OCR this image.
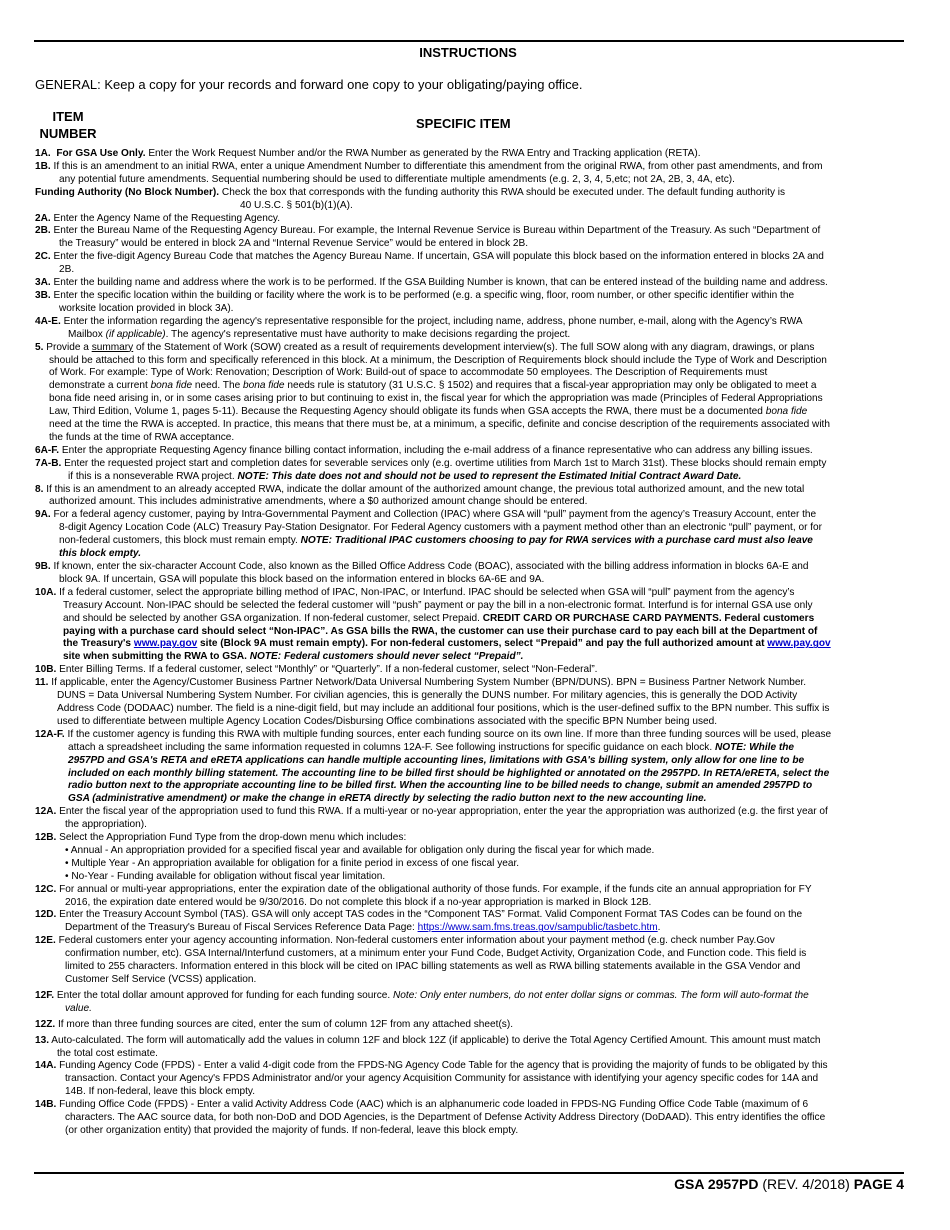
INSTRUCTIONS
GENERAL: Keep a copy for your records and forward one copy to your obligating/paying office.
ITEM
NUMBER
SPECIFIC ITEM
1A. For GSA Use Only. Enter the Work Request Number and/or the RWA Number as generated by the RWA Entry and Tracking application (RETA).
1B. If this is an amendment to an initial RWA, enter a unique Amendment Number to differentiate this amendment from the original RWA, from other past amendments, and from
any potential future amendments. Sequential numbering should be used to differentiate multiple amendments (e.g. 2, 3, 4, 5,etc; not 2A, 2B, 3, 4A, etc).
Funding Authority (No Block Number). Check the box that corresponds with the funding authority this RWA should be executed under. The default funding authority is
40 U.S.C. § 501(b)(1)(A).
2A. Enter the Agency Name of the Requesting Agency.
2B. Enter the Bureau Name of the Requesting Agency Bureau. For example, the Internal Revenue Service is Bureau within Department of the Treasury. As such “Department of
the Treasury” would be entered in block 2A and “Internal Revenue Service” would be entered in block 2B.
2C. Enter the five-digit Agency Bureau Code that matches the Agency Bureau Name. If uncertain, GSA will populate this block based on the information entered in blocks 2A and
2B.
3A. Enter the building name and address where the work is to be performed. If the GSA Building Number is known, that can be entered instead of the building name and address.
3B. Enter the specific location within the building or facility where the work is to be performed (e.g. a specific wing, floor, room number, or other specific identifier within the
worksite location provided in block 3A).
4A-E. Enter the information regarding the agency's representative responsible for the project, including name, address, phone number, e-mail, along with the Agency’s RWA
Mailbox (if applicable). The agency's representative must have authority to make decisions regarding the project.
5. Provide a summary of the Statement of Work (SOW) created as a result of requirements development interview(s). The full SOW along with any diagram, drawings, or plans
should be attached to this form and specifically referenced in this block. At a minimum, the Description of Requirements block should include the Type of Work and Description
of Work. For example: Type of Work: Renovation; Description of Work: Build-out of space to accommodate 50 employees. The Description of Requirements must
demonstrate a current bona fide need. The bona fide needs rule is statutory (31 U.S.C. § 1502) and requires that a fiscal-year appropriation may only be obligated to meet a
bona fide need arising in, or in some cases arising prior to but continuing to exist in, the fiscal year for which the appropriation was made (Principles of Federal Appropriations
Law, Third Edition, Volume 1, pages 5-11). Because the Requesting Agency should obligate its funds when GSA accepts the RWA, there must be a documented bona fide
need at the time the RWA is accepted. In practice, this means that there must be, at a minimum, a specific, definite and concise description of the requirements associated with
the funds at the time of RWA acceptance.
6A-F. Enter the appropriate Requesting Agency finance billing contact information, including the e-mail address of a finance representative who can address any billing issues.
7A-B. Enter the requested project start and completion dates for severable services only (e.g. overtime utilities from March 1st to March 31st). These blocks should remain empty
if this is a nonseverable RWA project. NOTE: This date does not and should not be used to represent the Estimated Initial Contract Award Date.
8. If this is an amendment to an already accepted RWA, indicate the dollar amount of the authorized amount change, the previous total authorized amount, and the new total
authorized amount. This includes administrative amendments, where a $0 authorized amount change should be entered.
9A. For a federal agency customer, paying by Intra-Governmental Payment and Collection (IPAC) where GSA will “pull” payment from the agency’s Treasury Account, enter the
8-digit Agency Location Code (ALC) Treasury Pay-Station Designator. For Federal Agency customers with a payment method other than an electronic “pull” payment, or for
non-federal customers, this block must remain empty. NOTE: Traditional IPAC customers choosing to pay for RWA services with a purchase card must also leave
this block empty.
9B. If known, enter the six-character Account Code, also known as the Billed Office Address Code (BOAC), associated with the billing address information in blocks 6A-E and
block 9A. If uncertain, GSA will populate this block based on the information entered in blocks 6A-6E and 9A.
10A. If a federal customer, select the appropriate billing method of IPAC, Non-IPAC, or Interfund. IPAC should be selected when GSA will “pull” payment from the agency’s
Treasury Account. Non-IPAC should be selected the federal customer will “push” payment or pay the bill in a non-electronic format. Interfund is for internal GSA use only
and should be selected by another GSA organization. If non-federal customer, select Prepaid. CREDIT CARD OR PURCHASE CARD PAYMENTS. Federal customers
paying with a purchase card should select “Non-IPAC”. As GSA bills the RWA, the customer can use their purchase card to pay each bill at the Department of
the Treasury's www.pay.gov site (Block 9A must remain empty). For non-federal customers, select “Prepaid” and pay the full authorized amount at www.pay.gov
site when submitting the RWA to GSA. NOTE: Federal customers should never select “Prepaid”.
10B. Enter Billing Terms. If a federal customer, select “Monthly” or “Quarterly”. If a non-federal customer, select “Non-Federal”.
11. If applicable, enter the Agency/Customer Business Partner Network/Data Universal Numbering System Number (BPN/DUNS). BPN = Business Partner Network Number.
DUNS = Data Universal Numbering System Number. For civilian agencies, this is generally the DUNS number. For military agencies, this is generally the DOD Activity
Address Code (DODAAC) number. The field is a nine-digit field, but may include an additional four positions, which is the user-defined suffix to the BPN number. This suffix is
used to differentiate between multiple Agency Location Codes/Disbursing Office combinations associated with the specific BPN Number being used.
12A-F. If the customer agency is funding this RWA with multiple funding sources, enter each funding source on its own line. If more than three funding sources will be used, please
attach a spreadsheet including the same information requested in columns 12A-F. See following instructions for specific guidance on each block. NOTE: While the
2957PD and GSA's RETA and eRETA applications can handle multiple accounting lines, limitations with GSA's billing system, only allow for one line to be
included on each monthly billing statement. The accounting line to be billed first should be highlighted or annotated on the 2957PD. In RETA/eRETA, select the
radio button next to the appropriate accounting line to be billed first. When the accounting line to be billed needs to change, submit an amended 2957PD to
GSA (administrative amendment) or make the change in eRETA directly by selecting the radio button next to the new accounting line.
12A. Enter the fiscal year of the appropriation used to fund this RWA. If a multi-year or no-year appropriation, enter the year the appropriation was authorized (e.g. the first year of
the appropriation).
12B. Select the Appropriation Fund Type from the drop-down menu which includes:
• Annual - An appropriation provided for a specified fiscal year and available for obligation only during the fiscal year for which made.
• Multiple Year - An appropriation available for obligation for a finite period in excess of one fiscal year.
• No-Year - Funding available for obligation without fiscal year limitation.
12C. For annual or multi-year appropriations, enter the expiration date of the obligational authority of those funds. For example, if the funds cite an annual appropriation for FY
2016, the expiration date entered would be 9/30/2016. Do not complete this block if a no-year appropriation is marked in Block 12B.
12D. Enter the Treasury Account Symbol (TAS). GSA will only accept TAS codes in the “Component TAS” Format. Valid Component Format TAS Codes can be found on the
Department of the Treasury's Bureau of Fiscal Services Reference Data Page: https://www.sam.fms.treas.gov/sampublic/tasbetc.htm.
12E. Federal customers enter your agency accounting information. Non-federal customers enter information about your payment method (e.g. check number Pay.Gov
confirmation number, etc). GSA Internal/Interfund customers, at a minimum enter your Fund Code, Budget Activity, Organization Code, and Function code. This field is
limited to 255 characters. Information entered in this block will be cited on IPAC billing statements as well as RWA billing statements available in the GSA Vendor and
Customer Self Service (VCSS) application.
12F. Enter the total dollar amount approved for funding for each funding source. Note: Only enter numbers, do not enter dollar signs or commas. The form will auto-format the
value.
12Z. If more than three funding sources are cited, enter the sum of column 12F from any attached sheet(s).
13. Auto-calculated. The form will automatically add the values in column 12F and block 12Z (if applicable) to derive the Total Agency Certified Amount. This amount must match
the total cost estimate.
14A. Funding Agency Code (FPDS) - Enter a valid 4-digit code from the FPDS-NG Agency Code Table for the agency that is providing the majority of funds to be obligated by this
transaction. Contact your Agency's FPDS Administrator and/or your agency Acquisition Community for assistance with identifying your agency specific codes for 14A and
14B. If non-federal, leave this block empty.
14B. Funding Office Code (FPDS) - Enter a valid Activity Address Code (AAC) which is an alphanumeric code loaded in FPDS-NG Funding Office Code Table (maximum of 6
characters. The AAC source data, for both non-DoD and DOD Agencies, is the Department of Defense Activity Address Directory (DoDAAD). This entry identifies the office
(or other organization entity) that provided the majority of funds. If non-federal, leave this block empty.
GSA 2957PD (REV. 4/2018) PAGE 4
